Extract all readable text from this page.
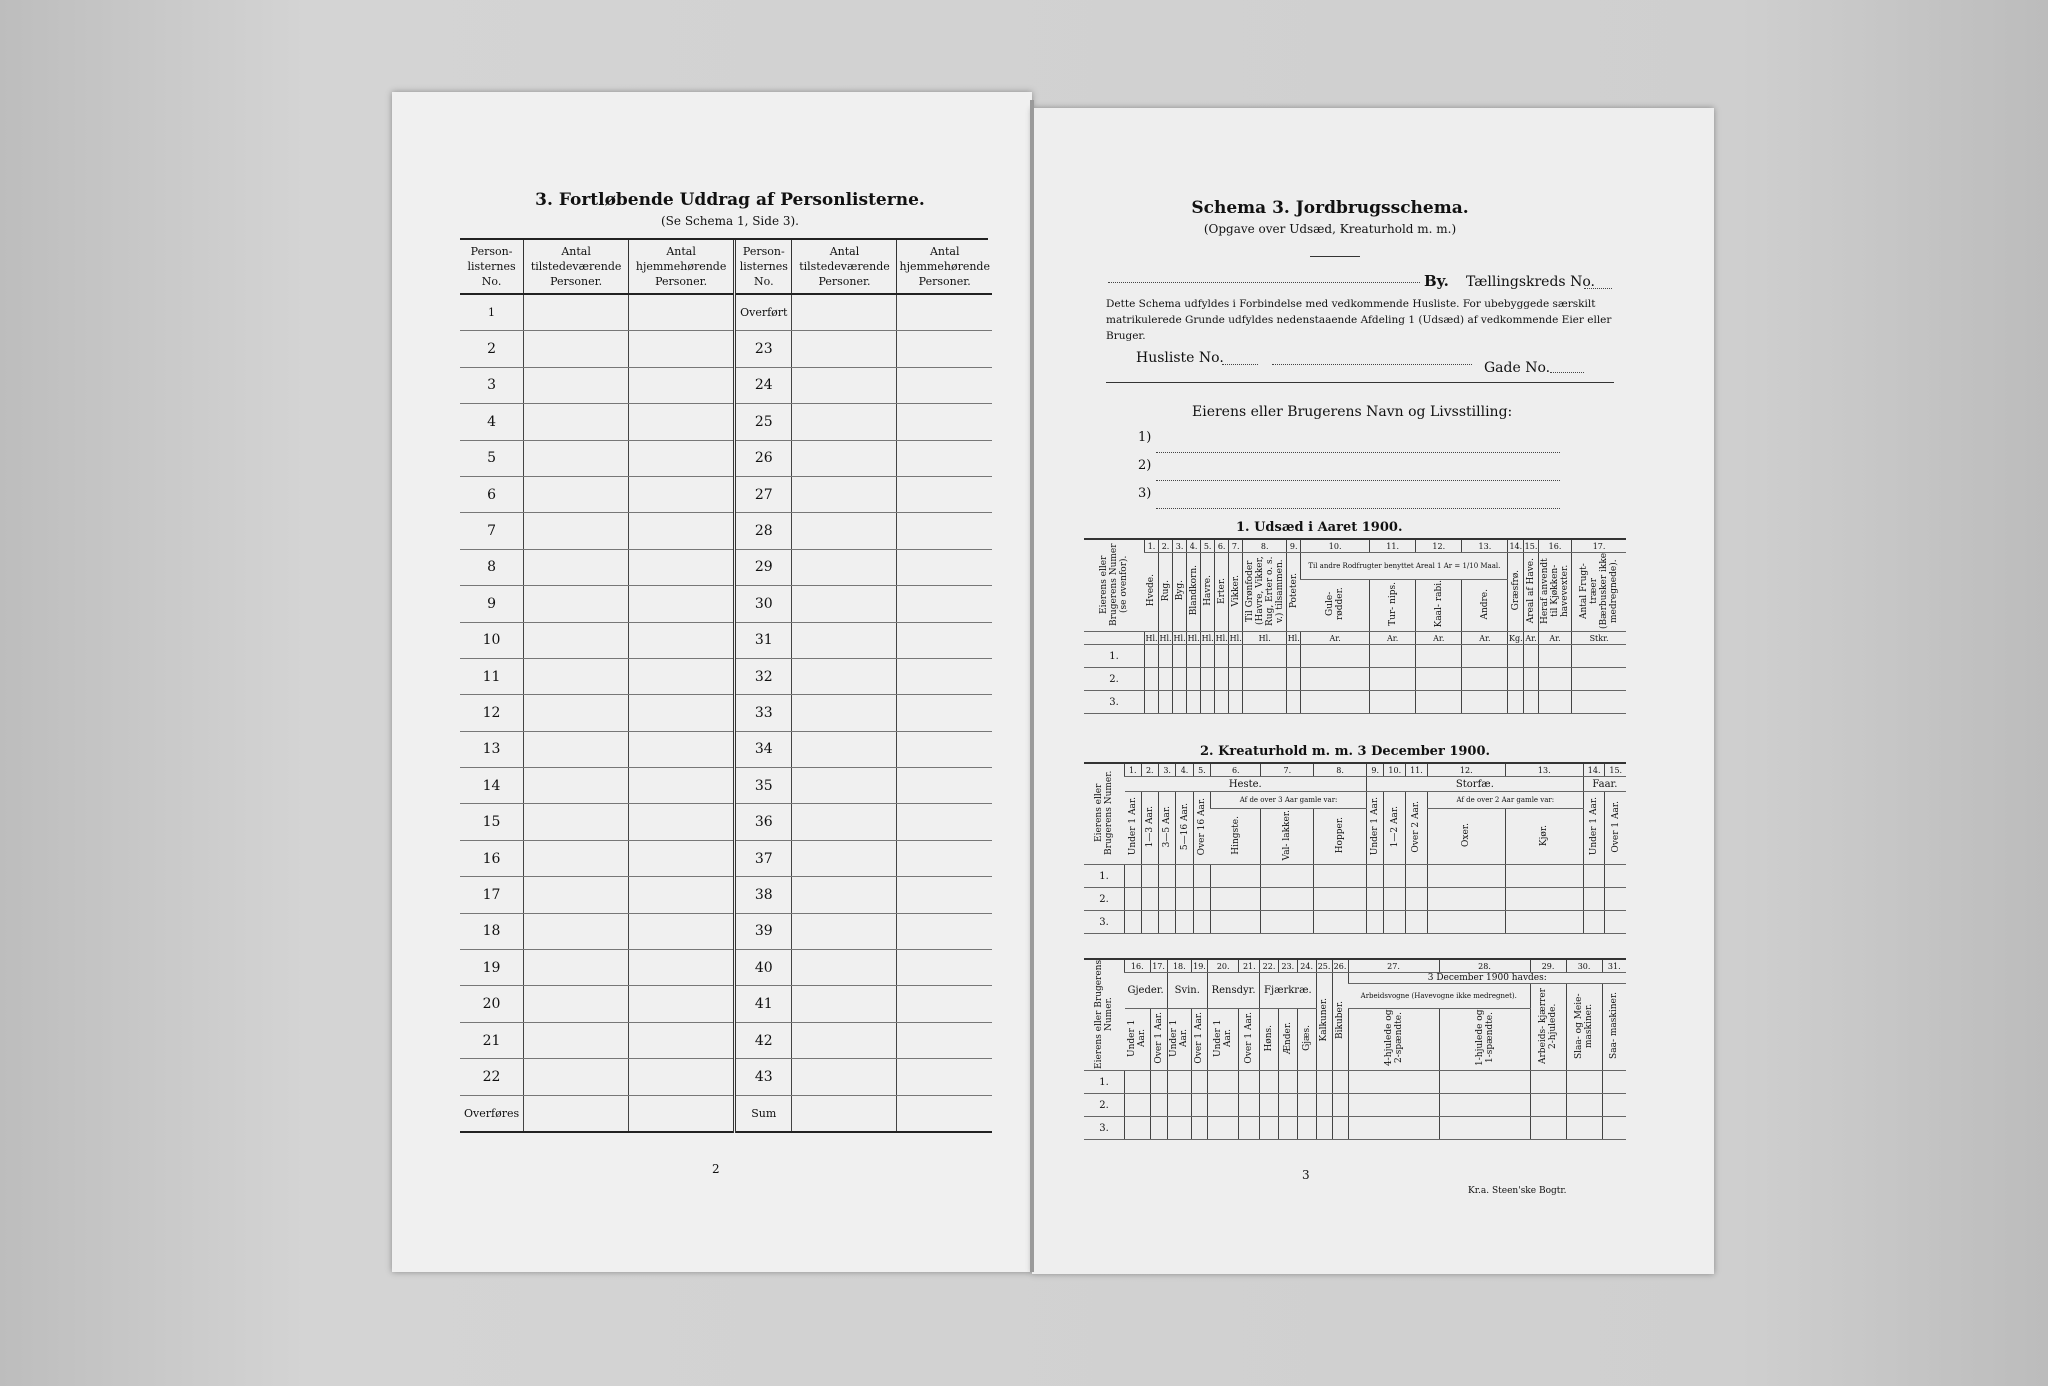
3. Fortløbende Uddrag af Personlisterne.
(Se Schema 1, Side 3).
Person- listernes No.	Antal tilstedeværende Personer.	Antal hjemmehørende Personer.	Person- listernes No.	Antal tilstedeværende Personer.	Antal hjemmehørende Personer.
1			Overført		
2			23		
3			24		
4			25		
5			26		
6			27		
7			28		
8			29		
9			30		
10			31		
11			32		
12			33		
13			34		
14			35		
15			36		
16			37		
17			38		
18			39		
19			40		
20			41		
21			42		
22			43		
Overføres			Sum		
2
Schema 3. Jordbrugsschema.
(Opgave over Udsæd, Kreaturhold m. m.)
By. Tællingskreds No.
Dette Schema udfyldes i Forbindelse med vedkommende Husliste. For ubebyggede særskilt matrikulerede Grunde udfyldes nedenstaaende Afdeling 1 (Udsæd) af vedkommende Eier eller Bruger.
Husliste No.
Gade No.
Eierens eller Brugerens Navn og Livsstilling:
1)
2)
3)
1. Udsæd i Aaret 1900.
Eierens eller Brugerens Numer (se ovenfor).	1.	2.	3.	4.	5.	6.	7.	8.	9.	10.	11.	12.	13.	14.	15.	16.	17.
	Hvede.	Rug.	Byg.	Blandkorn.	Havre.	Erter.	Vikker.	Til Grønfoder (Havre, Vikker, Rug, Erter o. s. v.) tilsammen.	Poteter.	Til andre Rodfrugter benyttet Areal 1 Ar = 1/10 Maal.				Græsfrø.	Areal af Have.	Heraf anvendt til Kjøkken- havevexter.	Antal Frugt- træer (Bærbusker ikke medregnede).
										Gule- rødder.	Tur- nips.	Kaal- rabi.	Andre.				
	Hl.	Hl.	Hl.	Hl.	Hl.	Hl.	Hl.	Hl.	Hl.	Ar.	Ar.	Ar.	Ar.	Kg.	Ar.	Ar.	Stkr.
1.																	
2.																	
3.																	
2. Kreaturhold m. m. 3 December 1900.
Eierens eller Brugerens Numer.	1.	2.	3.	4.	5.	6.	7.	8.	9.	10.	11.	12.	13.	14.	15.
	Heste.								Storfæ.					Faar.	
	Under 1 Aar.	1—3 Aar.	3—5 Aar.	5—16 Aar.	Over 16 Aar.	Af de over 3 Aar gamle var:			Under 1 Aar.	1—2 Aar.	Over 2 Aar.	Af de over 2 Aar gamle var:		Under 1 Aar.	Over 1 Aar.
						Hingste.	Val- lakker.	Hopper.				Oxer.	Kjør.		
1.															
2.															
3.															
Eierens eller Brugerens Numer.	16.	17.	18.	19.	20.	21.	22.	23.	24.	25.	26.	27.	28.	29.	30.	31.
	Gjeder.		Svin.		Rensdyr.		Fjærkræ.			Kalkuner.	Bikuber.	3 December 1900 havdes:				
												Arbeidsvogne (Havevogne ikke medregnet).		Arbeids- kjærrer 2-hjulede.	Slaa- og Meie- maskiner.	Saa- maskiner.
	Under 1 Aar.	Over 1 Aar.	Under 1 Aar.	Over 1 Aar.	Under 1 Aar.	Over 1 Aar.	Høns.	Ænder.	Gjæs.			4-hjulede og 2-spændte.	1-hjulede og 1-spændte.			
1.																
2.																
3.																
3
Kr.a. Steen'ske Bogtr.
